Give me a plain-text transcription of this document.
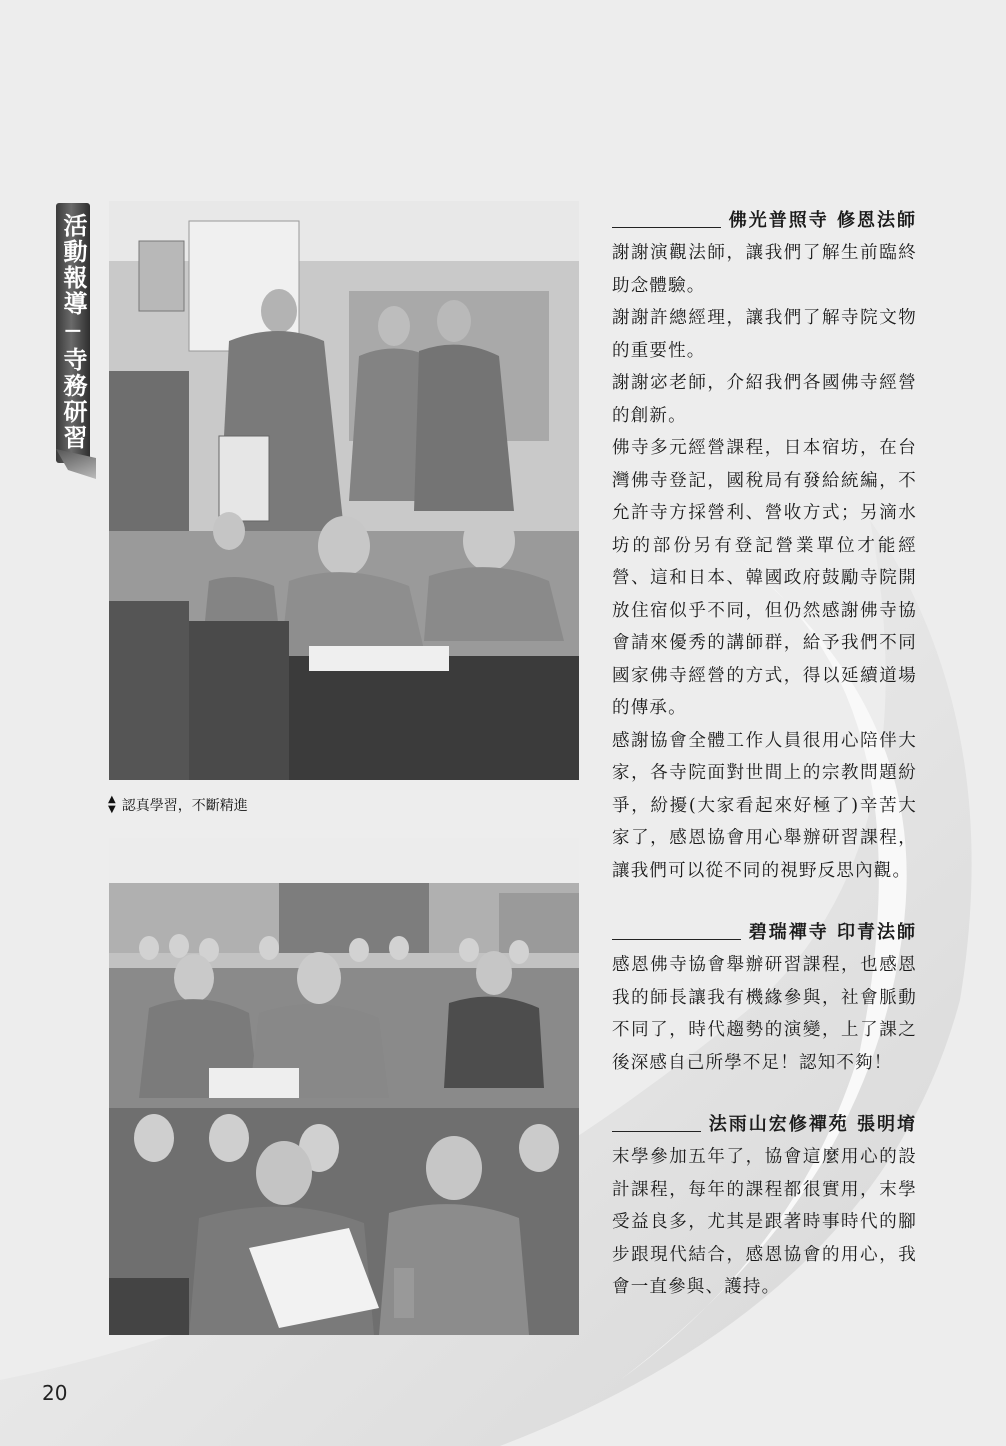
活動報導─寺務研習
▲
▼ 認真學習，不斷精進
佛光普照寺 修恩法師

謝謝演觀法師，讓我們了解生前臨終助念體驗。

謝謝許總經理，讓我們了解寺院文物的重要性。

謝謝宓老師，介紹我們各國佛寺經營的創新。

佛寺多元經營課程，日本宿坊，在台灣佛寺登記，國稅局有發給統編，不允許寺方採營利、營收方式；另滴水坊的部份另有登記營業單位才能經營、這和日本、韓國政府鼓勵寺院開放住宿似乎不同，但仍然感謝佛寺協會請來優秀的講師群，給予我們不同國家佛寺經營的方式，得以延續道場的傳承。

感謝協會全體工作人員很用心陪伴大家，各寺院面對世間上的宗教問題紛爭，紛擾(大家看起來好極了)辛苦大家了，感恩協會用心舉辦研習課程，讓我們可以從不同的視野反思內觀。

碧瑞禪寺 印青法師

感恩佛寺協會舉辦研習課程，也感恩我的師長讓我有機緣參與，社會脈動不同了，時代趨勢的演變，上了課之後深感自己所學不足！認知不夠！

法雨山宏修禪苑 張明堉

末學參加五年了，協會這麼用心的設計課程，每年的課程都很實用，末學受益良多，尤其是跟著時事時代的腳步跟現代結合，感恩協會的用心，我會一直參與、護持。

20
